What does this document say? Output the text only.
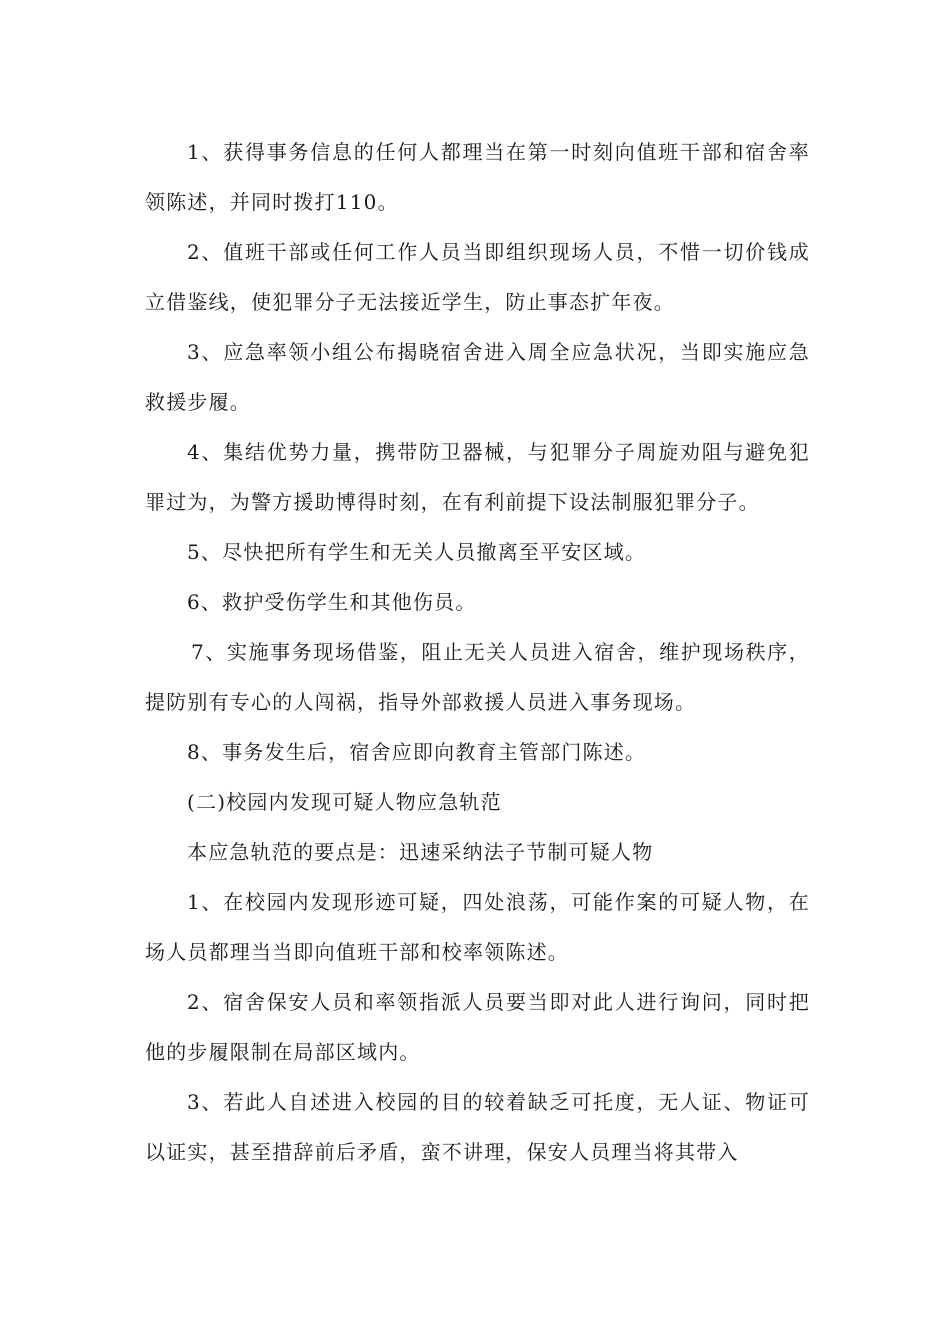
1、获得事务信息的任何人都理当在第一时刻向值班干部和宿舍率领陈述，并同时拨打110。

2、值班干部或任何工作人员当即组织现场人员，不惜一切价钱成立借鉴线，使犯罪分子无法接近学生，防止事态扩年夜。

3、应急率领小组公布揭晓宿舍进入周全应急状况，当即实施应急救援步履。

4、集结优势力量，携带防卫器械，与犯罪分子周旋劝阻与避免犯罪过为，为警方援助博得时刻，在有利前提下设法制服犯罪分子。

5、尽快把所有学生和无关人员撤离至平安区域。

6、救护受伤学生和其他伤员。

7、实施事务现场借鉴，阻止无关人员进入宿舍，维护现场秩序，提防别有专心的人闯祸，指导外部救援人员进入事务现场。

8、事务发生后，宿舍应即向教育主管部门陈述。

(二)校园内发现可疑人物应急轨范

本应急轨范的要点是：迅速采纳法子节制可疑人物

1、在校园内发现形迹可疑，四处浪荡，可能作案的可疑人物，在场人员都理当当即向值班干部和校率领陈述。

2、宿舍保安人员和率领指派人员要当即对此人进行询问，同时把他的步履限制在局部区域内。

3、若此人自述进入校园的目的较着缺乏可托度，无人证、物证可以证实，甚至措辞前后矛盾，蛮不讲理，保安人员理当将其带入
